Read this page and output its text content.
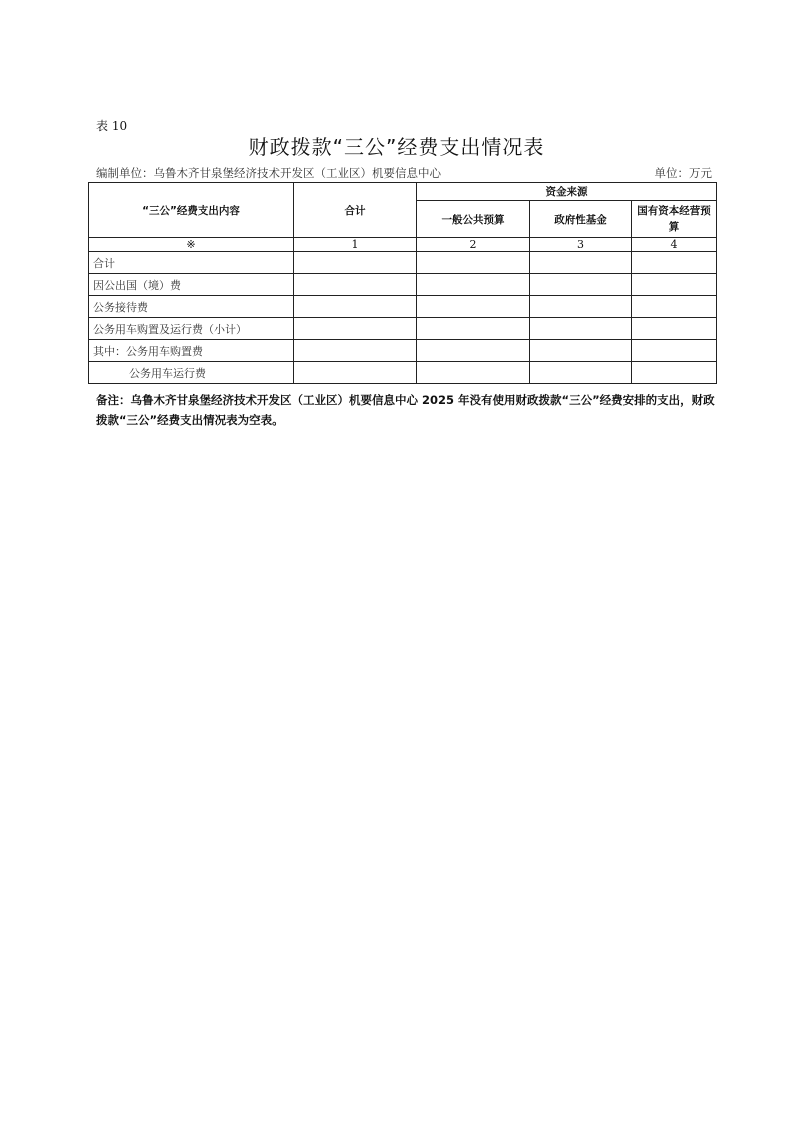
表 10
财政拨款“三公”经费支出情况表
编制单位：乌鲁木齐甘泉堡经济技术开发区（工业区）机要信息中心	单位：万元
“三公”经费支出内容	合计	资金来源		
		一般公共预算	政府性基金	国有资本经营预算
※	1	2	3	4
合计				
因公出国（境）费				
公务接待费				
公务用车购置及运行费（小计）				
其中：公务用车购置费				
公务用车运行费				
备注：乌鲁木齐甘泉堡经济技术开发区（工业区）机要信息中心 2025 年没有使用财政拨款“三公”经费安排的支出，财政拨款“三公”经费支出情况表为空表。
